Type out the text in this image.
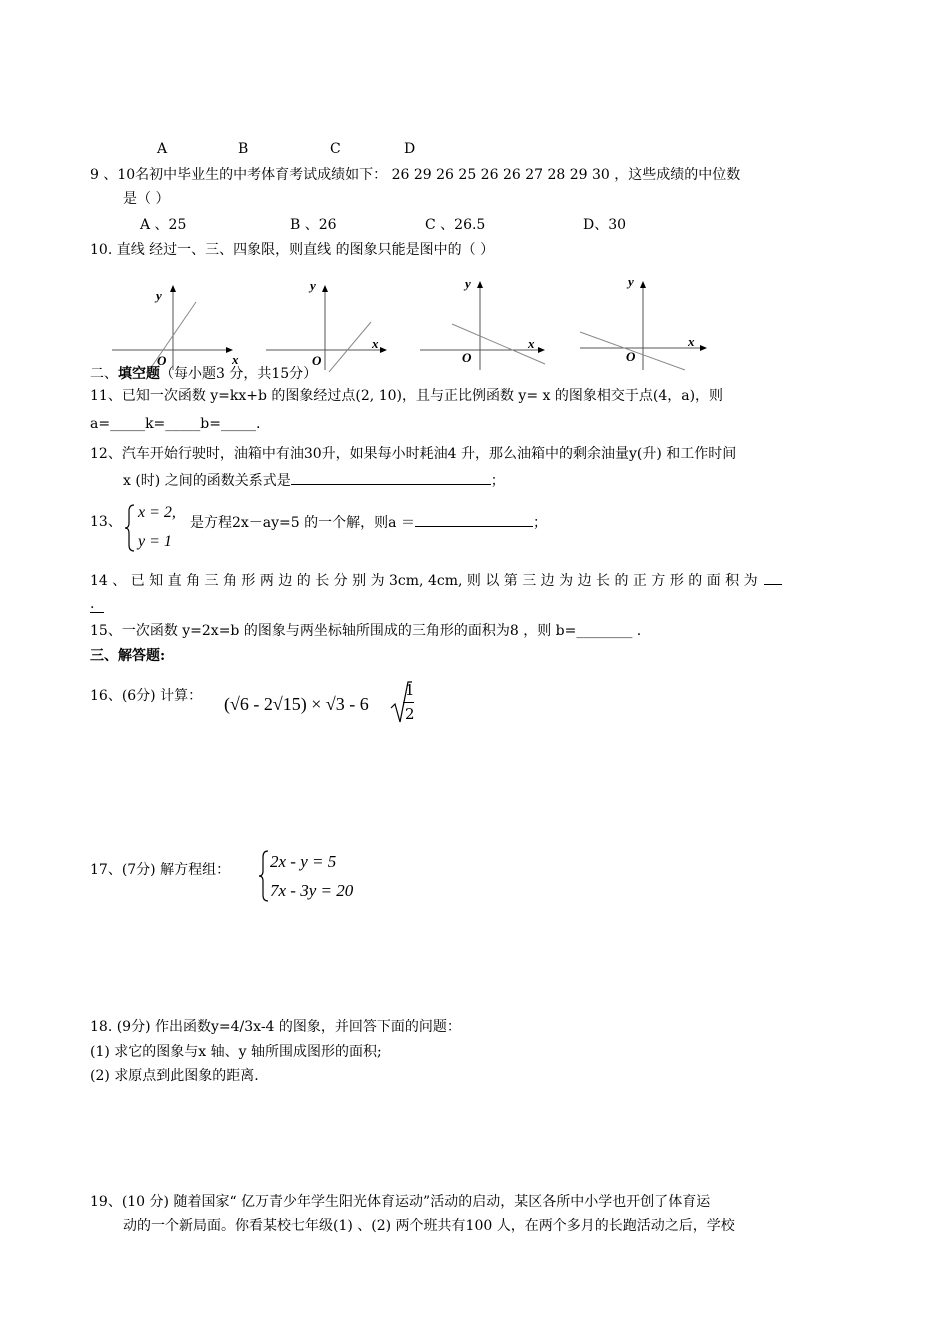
A	B	C	D
9 、10名初中毕业生的中考体育考试成绩如下： 26 29 26 25 26 26 27 28 29 30 ，这些成绩的中位数
是（ ）
A 、25	B 、26	C 、26.5	D、30
10. 直线 经过一、三、四象限，则直线 的图象只能是图中的（ ）
y
x
O
y
x
O
y
x
O
y
x
O
二、填空题（每小题3 分，共15分）
11、已知一次函数 y=kx+b 的图象经过点(2, 10)，且与正比例函数 y= x 的图象相交于点(4，a)，则
a=_____k=_____b=_____.
12、汽车开始行驶时，油箱中有油30升，如果每小时耗油4 升，那么油箱中的剩余油量y(升) 和工作时间
x (时) 之间的函数关系式是	；
13、
x = 2,
y = 1
是方程2x－ay=5 的一个解，则a ＝	；
14 、 已 知 直 角 三 角 形 两 边 的 长 分 别 为 3cm, 4cm, 则 以 第 三 边 为 边 长 的 正 方 形 的 面 积 为
.
15、一次函数 y=2x=b 的图象与两坐标轴所围成的三角形的面积为8 ，则 b=________ .
三、解答题:
16、(6分) 计算： (√6 - 2√15) × √3 - 6
1
2
17、(7分) 解方程组： 2x - y = 5
7x - 3y = 20
18. (9分) 作出函数y=4/3x-4 的图象，并回答下面的问题：
(1) 求它的图象与x 轴、y 轴所围成图形的面积;
(2) 求原点到此图象的距离.
19、(10 分) 随着国家“ 亿万青少年学生阳光体育运动”活动的启动，某区各所中小学也开创了体育运
动的一个新局面。你看某校七年级(1) 、(2) 两个班共有100 人，在两个多月的长跑活动之后，学校
